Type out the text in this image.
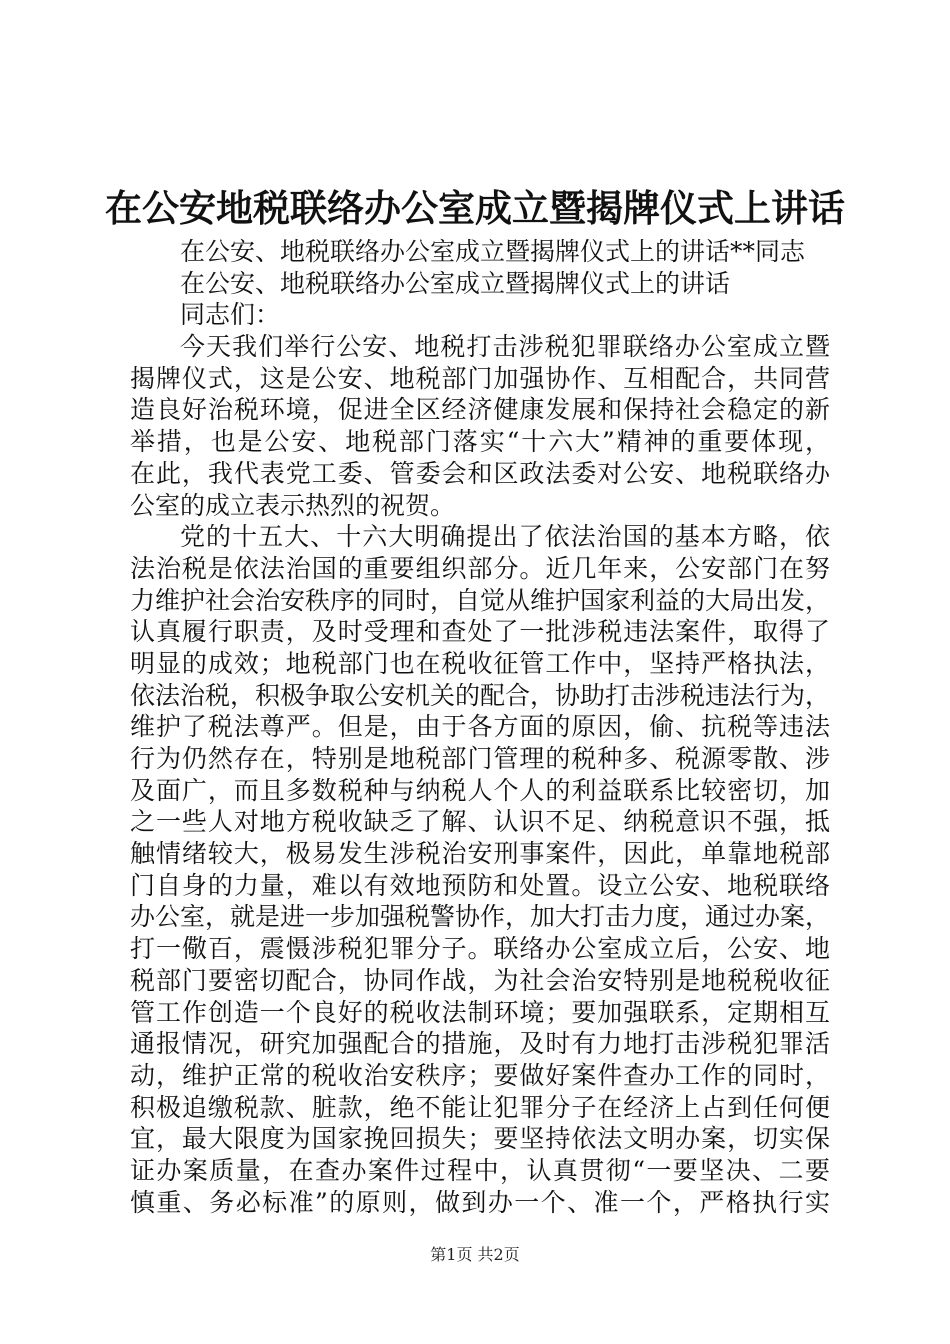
在公安地税联络办公室成立暨揭牌仪式上讲话
在公安、地税联络办公室成立暨揭牌仪式上的讲话**同志
在公安、地税联络办公室成立暨揭牌仪式上的讲话
同志们：
今天我们举行公安、地税打击涉税犯罪联络办公室成立暨
揭牌仪式，这是公安、地税部门加强协作、互相配合，共同营
造良好治税环境，促进全区经济健康发展和保持社会稳定的新
举措，也是公安、地税部门落实“十六大”精神的重要体现，
在此，我代表党工委、管委会和区政法委对公安、地税联络办
公室的成立表示热烈的祝贺。
党的十五大、十六大明确提出了依法治国的基本方略，依
法治税是依法治国的重要组织部分。近几年来，公安部门在努
力维护社会治安秩序的同时，自觉从维护国家利益的大局出发，
认真履行职责，及时受理和查处了一批涉税违法案件，取得了
明显的成效；地税部门也在税收征管工作中，坚持严格执法，
依法治税，积极争取公安机关的配合，协助打击涉税违法行为，
维护了税法尊严。但是，由于各方面的原因，偷、抗税等违法
行为仍然存在，特别是地税部门管理的税种多、税源零散、涉
及面广，而且多数税种与纳税人个人的利益联系比较密切，加
之一些人对地方税收缺乏了解、认识不足、纳税意识不强，抵
触情绪较大，极易发生涉税治安刑事案件，因此，单靠地税部
门自身的力量，难以有效地预防和处置。设立公安、地税联络
办公室，就是进一步加强税警协作，加大打击力度，通过办案，
打一儆百，震慑涉税犯罪分子。联络办公室成立后，公安、地
税部门要密切配合，协同作战，为社会治安特别是地税税收征
管工作创造一个良好的税收法制环境；要加强联系，定期相互
通报情况，研究加强配合的措施，及时有力地打击涉税犯罪活
动，维护正常的税收治安秩序；要做好案件查办工作的同时，
积极追缴税款、脏款，绝不能让犯罪分子在经济上占到任何便
宜，最大限度为国家挽回损失；要坚持依法文明办案，切实保
证办案质量，在查办案件过程中，认真贯彻“一要坚决、二要
慎重、务必标准”的原则，做到办一个、准一个，严格执行实
第1页 共2页
